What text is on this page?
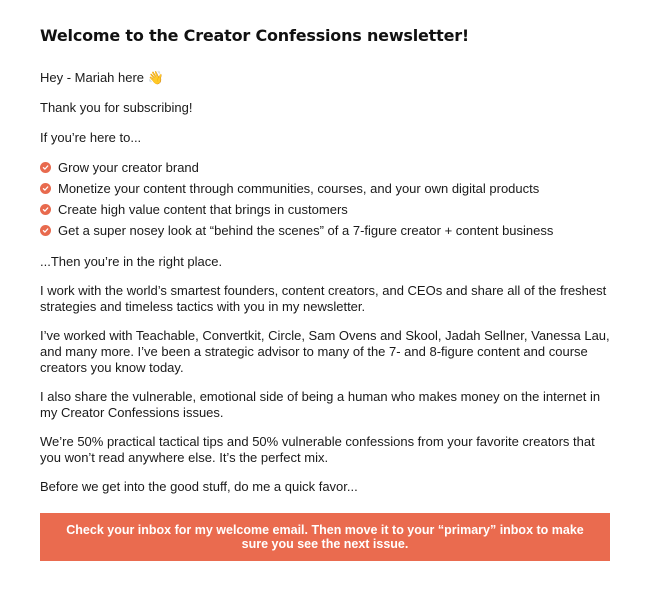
Welcome to the Creator Confessions newsletter!

Hey - Mariah here 👋

Thank you for subscribing!

If you’re here to...

Grow your creator brand
Monetize your content through communities, courses, and your own digital products
Create high value content that brings in customers
Get a super nosey look at “behind the scenes” of a 7-figure creator + content business

...Then you’re in the right place.

I work with the world’s smartest founders, content creators, and CEOs and share all of the freshest strategies and timeless tactics with you in my newsletter.

I’ve worked with Teachable, Convertkit, Circle, Sam Ovens and Skool, Jadah Sellner, Vanessa Lau, and many more. I’ve been a strategic advisor to many of the 7- and 8-figure content and course creators you know today.

I also share the vulnerable, emotional side of being a human who makes money on the internet in my Creator Confessions issues.

We’re 50% practical tactical tips and 50% vulnerable confessions from your favorite creators that you won’t read anywhere else. It’s the perfect mix.

Before we get into the good stuff, do me a quick favor...

Check your inbox for my welcome email. Then move it to your “primary” inbox to make sure you see the next issue.
